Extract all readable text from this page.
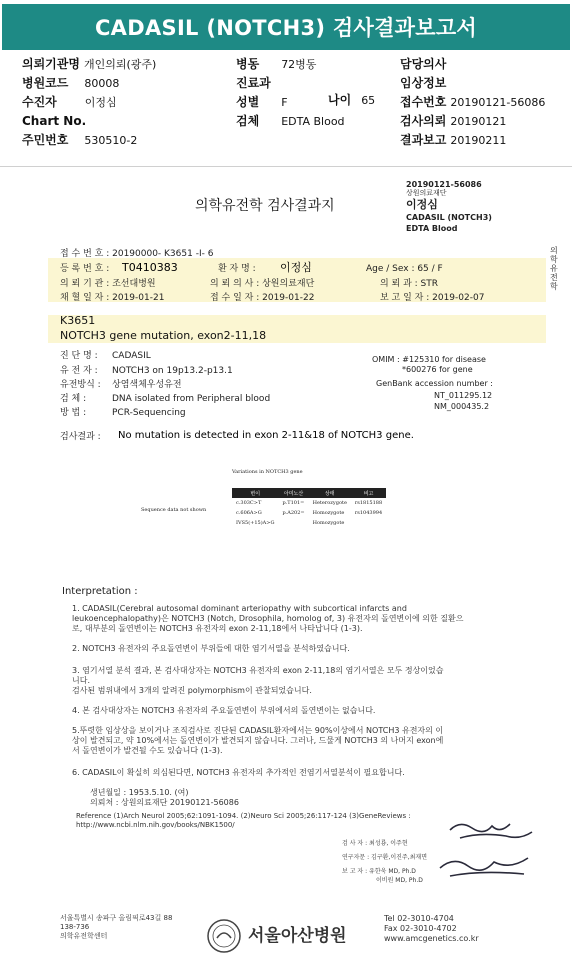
CADASIL (NOTCH3) 검사결과보고서
의뢰기관명 개인의뢰(광주)
병원코드 80008
수진자	이정심
Chart No.
주민번호 530510-2
병동 72병동
진료과
성별 F
검체 EDTA Blood
나이 65
담당의사
임상정보
접수번호 20190121-56086
검사의뢰 20190121
결과보고 20190211
의학유전학 검사결과지
20190121-56086
상원의료재단
이정심
CADASIL (NOTCH3)
EDTA Blood
의학유전학
접 수 번 호 : 20190000- K3651 -I- 6
등 록 번 호 : T0410383	환 자 명 : 이정심	Age / Sex : 65 / F
의 뢰 기 관 : 조선대병원	의 뢰 의 사 : 상원의료재단	의 뢰 과 : STR
채 혈 일 자 : 2019-01-21	접 수 일 자 : 2019-01-22	보 고 일 자 : 2019-02-07
K3651
NOTCH3 gene mutation, exon2-11,18
진 단 명 : CADASIL
유 전 자 : NOTCH3 on 19p13.2-p13.1
유전방식 : 상염색체우성유전
검 체 :	DNA isolated from Peripheral blood
방 법 :	PCR-Sequencing
OMIM : #125310 for disease
*600276 for gene
GenBank accession number :
NT_011295.12
NM_000435.2
검사결과 : No mutation is detected in exon 2-11&18 of NOTCH3 gene.
Variations in NOTCH3 gene
Sequence data not shown
변이	아미노산	상태	비고
c.303C>T	p.T101=	Heterozygote	rs1815188
c.606A>G	p.A202=	Homozygote	rs1043994
IVS5(+15)A>G		Homozygote	
Interpretation :
1. CADASIL(Cerebral autosomal dominant arteriopathy with subcortical infarcts and
leukoencephalopathy)은 NOTCH3 (Notch, Drosophila, homolog of, 3) 유전자의 돌연변이에 의한 질환으
로, 대부분의 돌연변이는 NOTCH3 유전자의 exon 2-11,18에서 나타납니다 (1-3).
2. NOTCH3 유전자의 주요돌연변이 부위들에 대한 염기서열을 분석하였습니다.
3. 염기서열 분석 결과, 본 검사대상자는 NOTCH3 유전자의 exon 2-11,18의 염기서열은 모두 정상이었습
니다.
검사된 범위내에서 3개의 알려진 polymorphism이 관찰되었습니다.
4. 본 검사대상자는 NOTCH3 유전자의 주요돌연변이 부위에서의 돌연변이는 없습니다.
5.뚜렷한 임상상을 보이거나 조직검사로 진단된 CADASIL환자에서는 90%이상에서 NOTCH3 유전자의 이
상이 발견되고, 약 10%에서는 돌연변이가 발견되지 않습니다. 그러나, 드물게 NOTCH3 의 나머지 exon에
서 돌연변이가 발견될 수도 있습니다 (1-3).
6. CADASIL이 확실히 의심된다면, NOTCH3 유전자의 추가적인 전염기서열분석이 필요합니다.
생년월일 : 1953.5.10. (여)
의뢰처 : 상원의료재단 20190121-56086
Reference (1)Arch Neurol 2005;62:1091-1094. (2)Neuro Sci 2005;26:117-124 (3)GeneReviews :
http://www.ncbi.nlm.nih.gov/books/NBK1500/
검 사 자 : 최성룡, 이주현
연구자문 : 김구환,이진주,최재면
보 고 자 : 유한욱 MD, Ph.D
이비원 MD, Ph.D
서울특별시 송파구 올림픽로43길 88
138-736
의학유전학센터	서울아산병원
Tel 02-3010-4704
Fax 02-3010-4702
www.amcgenetics.co.kr
